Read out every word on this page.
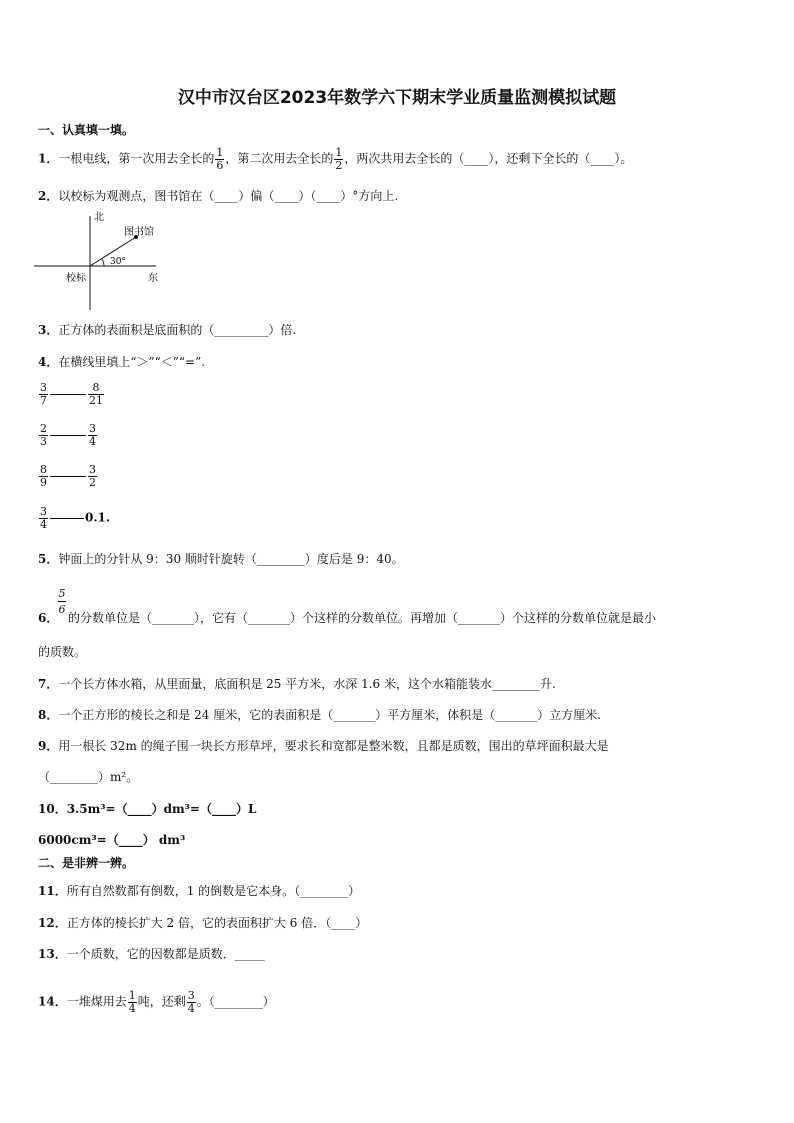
汉中市汉台区2023年数学六下期末学业质量监测模拟试题
一、认真填一填。
1．一根电线，第一次用去全长的 $\frac{1}{6}$ ，第二次用去全长的 $\frac{1}{2}$ ，两次共用去全长的（____），还剩下全长的（____）。
2．以校标为观测点，图书馆在（____）偏（____）（____）°方向上.
北
图书馆
30°
校标	东
3．正方体的表面积是底面积的（_________）倍.
4．在横线里填上“＞”“＜”“=”.
$\frac{3}{7}$	$\frac{8}{21}$
$\frac{2}{3}$	$\frac{3}{4}$
$\frac{8}{9}$	$\frac{3}{2}$
$\frac{3}{4}$	0.1.
5．钟面上的分针从 9：30 顺时针旋转（________）度后是 9：40。
6．
5
6
的分数单位是（_______），它有（_______）个这样的分数单位。再增加（_______）个这样的分数单位就是最小
的质数。
7．一个长方体水箱，从里面量，底面积是 25 平方米，水深 1.6 米，这个水箱能装水________升.
8．一个正方形的棱长之和是 24 厘米，它的表面积是（_______）平方厘米，体积是（_______）立方厘米.
9．用一根长 32m 的绳子围一块长方形草坪，要求长和宽都是整米数，且都是质数，围出的草坪面积最大是
（________）m²。
10．3.5m³=（____）dm³=（____）L
6000cm³=（____） dm³
二、是非辨一辨。
11．所有自然数都有倒数，1 的倒数是它本身。（________）
12．正方体的棱长扩大 2 倍，它的表面积扩大 6 倍．（____）
13．一个质数，它的因数都是质数．_____
14．一堆煤用去 $\frac{1}{4}$ 吨，还剩 $\frac{3}{4}$ 。（________）
